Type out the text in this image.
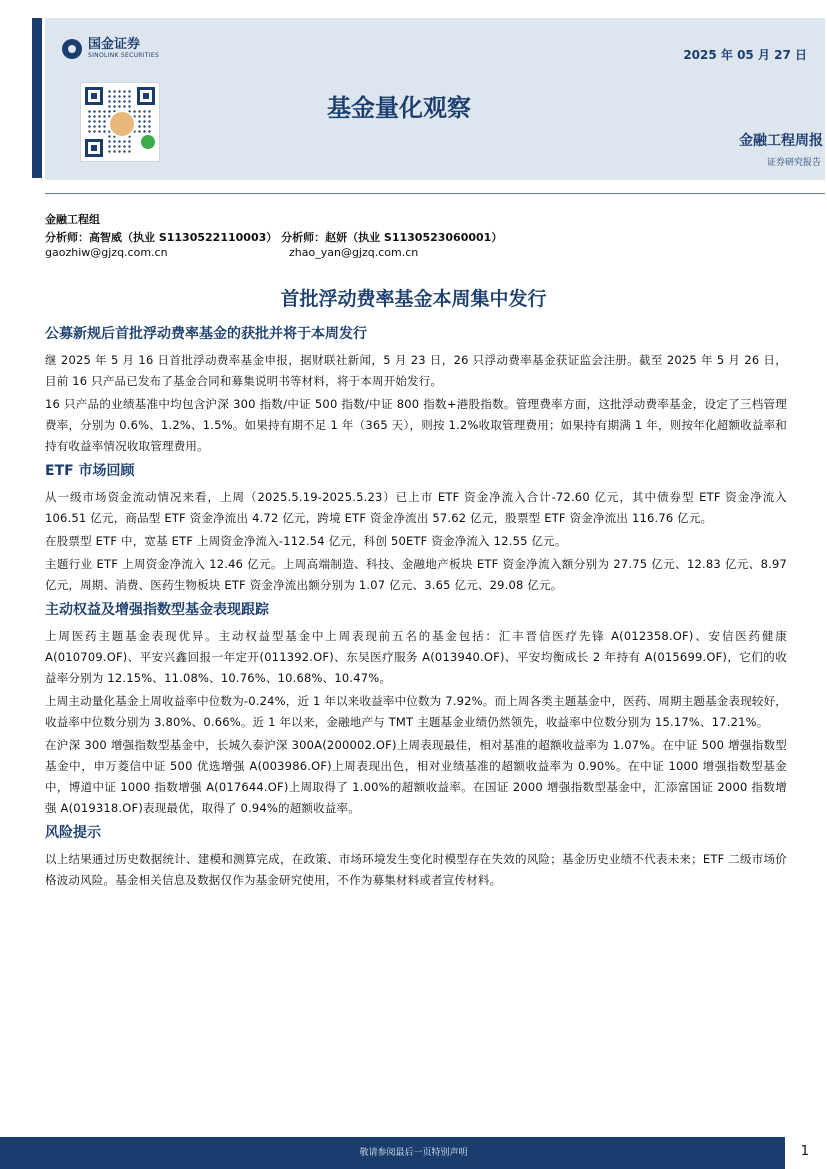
国金证券
SINOLINK SECURITIES	2025 年 05 月 27 日
基金量化观察
金融工程周报
证券研究报告
金融工程组
分析师：高智威（执业 S1130522110003） 分析师：赵妍（执业 S1130523060001）
gaozhiw@gjzq.com.cn	zhao_yan@gjzq.com.cn
首批浮动费率基金本周集中发行
公募新规后首批浮动费率基金的获批并将于本周发行

继 2025 年 5 月 16 日首批浮动费率基金申报，据财联社新闻，5 月 23 日，26 只浮动费率基金获证监会注册。截至 2025 年 5 月 26 日，目前 16 只产品已发布了基金合同和募集说明书等材料，将于本周开始发行。

16 只产品的业绩基准中均包含沪深 300 指数/中证 500 指数/中证 800 指数+港股指数。管理费率方面，这批浮动费率基金，设定了三档管理费率，分别为 0.6%、1.2%、1.5%。如果持有期不足 1 年（365 天），则按 1.2%收取管理费用；如果持有期满 1 年，则按年化超额收益率和持有收益率情况收取管理费用。

ETF 市场回顾

从一级市场资金流动情况来看，上周（2025.5.19-2025.5.23）已上市 ETF 资金净流入合计-72.60 亿元，其中债券型 ETF 资金净流入 106.51 亿元，商品型 ETF 资金净流出 4.72 亿元，跨境 ETF 资金净流出 57.62 亿元，股票型 ETF 资金净流出 116.76 亿元。

在股票型 ETF 中，宽基 ETF 上周资金净流入-112.54 亿元，科创 50ETF 资金净流入 12.55 亿元。

主题行业 ETF 上周资金净流入 12.46 亿元。上周高端制造、科技、金融地产板块 ETF 资金净流入额分别为 27.75 亿元、12.83 亿元、8.97 亿元，周期、消费、医药生物板块 ETF 资金净流出额分别为 1.07 亿元、3.65 亿元、29.08 亿元。

主动权益及增强指数型基金表现跟踪

上周医药主题基金表现优异。主动权益型基金中上周表现前五名的基金包括：汇丰晋信医疗先锋 A(012358.OF)、安信医药健康 A(010709.OF)、平安兴鑫回报一年定开(011392.OF)、东吴医疗服务 A(013940.OF)、平安均衡成长 2 年持有 A(015699.OF)，它们的收益率分别为 12.15%、11.08%、10.76%、10.68%、10.47%。

上周主动量化基金上周收益率中位数为-0.24%，近 1 年以来收益率中位数为 7.92%。而上周各类主题基金中，医药、周期主题基金表现较好，收益率中位数分别为 3.80%、0.66%。近 1 年以来，金融地产与 TMT 主题基金业绩仍然领先，收益率中位数分别为 15.17%、17.21%。

在沪深 300 增强指数型基金中，长城久泰沪深 300A(200002.OF)上周表现最佳，相对基准的超额收益率为 1.07%。在中证 500 增强指数型基金中，申万菱信中证 500 优选增强 A(003986.OF)上周表现出色，相对业绩基准的超额收益率为 0.90%。在中证 1000 增强指数型基金中，博道中证 1000 指数增强 A(017644.OF)上周取得了 1.00%的超额收益率。在国证 2000 增强指数型基金中，汇添富国证 2000 指数增强 A(019318.OF)表现最优，取得了 0.94%的超额收益率。

风险提示

以上结果通过历史数据统计、建模和测算完成，在政策、市场环境发生变化时模型存在失效的风险；基金历史业绩不代表未来；ETF 二级市场价格波动风险。基金相关信息及数据仅作为基金研究使用，不作为募集材料或者宣传材料。

敬请参阅最后一页特别声明	1
